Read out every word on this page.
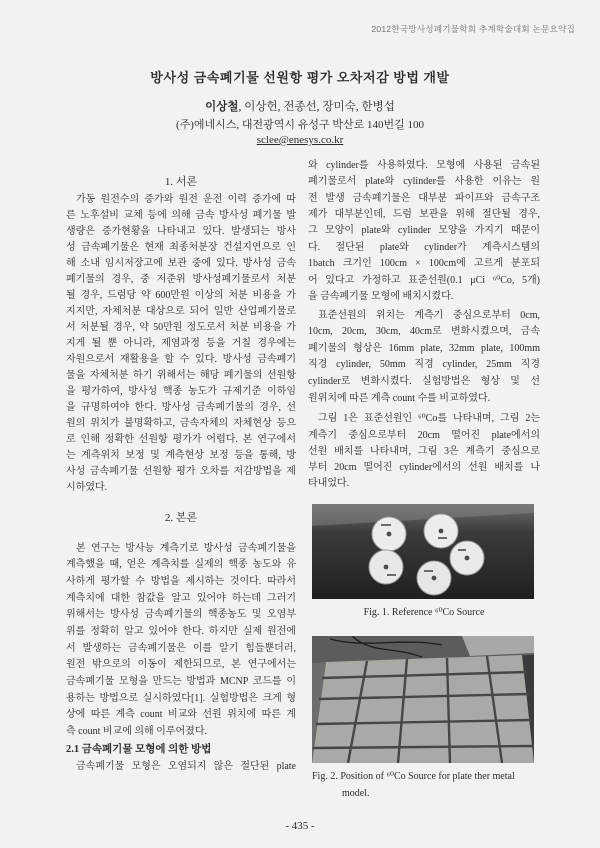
2012한국방사성폐기물학회 추계학술대회 논문요약집
방사성 금속폐기물 선원항 평가 오차저감 방법 개발
이상철, 이상헌, 전종선, 장미숙, 한병섭
(주)에네시스, 대전광역시 유성구 박산로 140번길 100
sclee@enesys.co.kr
1. 서론
가동 원전수의 증가와 원전 운전 이력 증가에 따
른 노후설비 교체 등에 의해 금속 방사성 폐기물 발
생량은 증가현황을 나타내고 있다. 발생되는 방사
성 금속폐기물은 현재 최종처분장 건설지연으로 인
해 소내 임시저장고에 보관 중에 있다. 방사성 금속
폐기물의 경우, 중 저준위 방사성폐기물로서 처분
될 경우, 드럼당 약 600만원 이상의 처분 비용을 가
지지만, 자체처분 대상으로 되어 일반 산업폐기물로
서 처분될 경우, 약 50만원 정도로서 처분 비용을 가
지게 될 뿐 아니라, 제염과정 등을 거칠 경우에는
자원으로서 재활용을 할 수 있다. 방사성 금속폐기
물을 자체처분 하기 위해서는 해당 폐기물의 선원항
을 평가하여, 방사성 핵종 농도가 규제기준 이하임
을 규명하여야 한다. 방사성 금속폐기물의 경우, 선
원의 위치가 불명확하고, 금속자체의 자체현상 등으
로 인해 정확한 선원항 평가가 어렵다. 본 연구에서
는 계측위치 보정 및 계측현상 보정 등을 통해, 방
사성 금속폐기물 선원항 평가 오차를 저감방법을 제
시하였다.
2. 본론
본 연구는 방사능 계측기로 방사성 금속폐기물을
계측했을 때, 얻은 계측치를 실제의 핵종 농도와 유
사하게 평가할 수 방법을 제시하는 것이다. 따라서
계측치에 대한 참값을 알고 있어야 하는데 그러기
위해서는 방사성 금속폐기물의 핵종농도 및 오염부
위를 정확히 알고 있어야 한다. 하지만 실제 원전에
서 발생하는 금속폐기물은 이를 알기 힘들뿐더러,
원전 밖으로의 이동이 제한되므로, 본 연구에서는
금속폐기물 모형을 만드는 방법과 MCNP 코드를 이
용하는 방법으로 실시하였다[1]. 실험방법은 크게 형
상에 따른 계측 count 비교와 선원 위치에 따른 계
측 count 비교에 의해 이루어졌다.
2.1 금속폐기물 모형에 의한 방법
금속폐기물 모형은 오염되지 않은 절단된 plate
와 cylinder를 사용하였다. 모형에 사용된 금속된
폐기물로서 plate와 cylinder를 사용한 이유는 원
전 발생 금속폐기물은 대부분 파이프와 금속구조
제가 대부분인데, 드럼 보관을 위해 절단될 경우,
그 모양이 plate와 cylinder 모양을 가지기 때문이
다. 절단된 plate와 cylinder가 계측시스템의
1batch 크기인 100cm × 100cm에 고르게 분포되
어 있다고 가정하고 표준선원(0.1 μCi ⁶⁰Co, 5개)
을 금속폐기물 모형에 배치시켰다.
표준선원의 위치는 계측기 중심으로부터 0cm,
10cm, 20cm, 30cm, 40cm로 변화시켰으며, 금속
폐기물의 형상은 16mm plate, 32mm plate, 100mm
직경 cylinder, 50mm 직경 cylinder, 25mm 직경
cylinder로 변화시켰다. 실험방법은 형상 및 선
원위치에 따른 계측 count 수를 비교하였다.
그림 1은 표준선원인 ⁶⁰Co를 나타내며, 그림 2는
계측기 중심으로부터 20cm 떨어진 plate에서의
선원 배치를 나타내며, 그림 3은 계측기 중심으로
부터 20cm 떨어진 cylinder에서의 선원 배치를 나
타내었다.
Fig. 1. Reference ⁶⁰Co Source
Fig. 2. Position of ⁶⁰Co Source for plate ther metal
model.
- 435 -
